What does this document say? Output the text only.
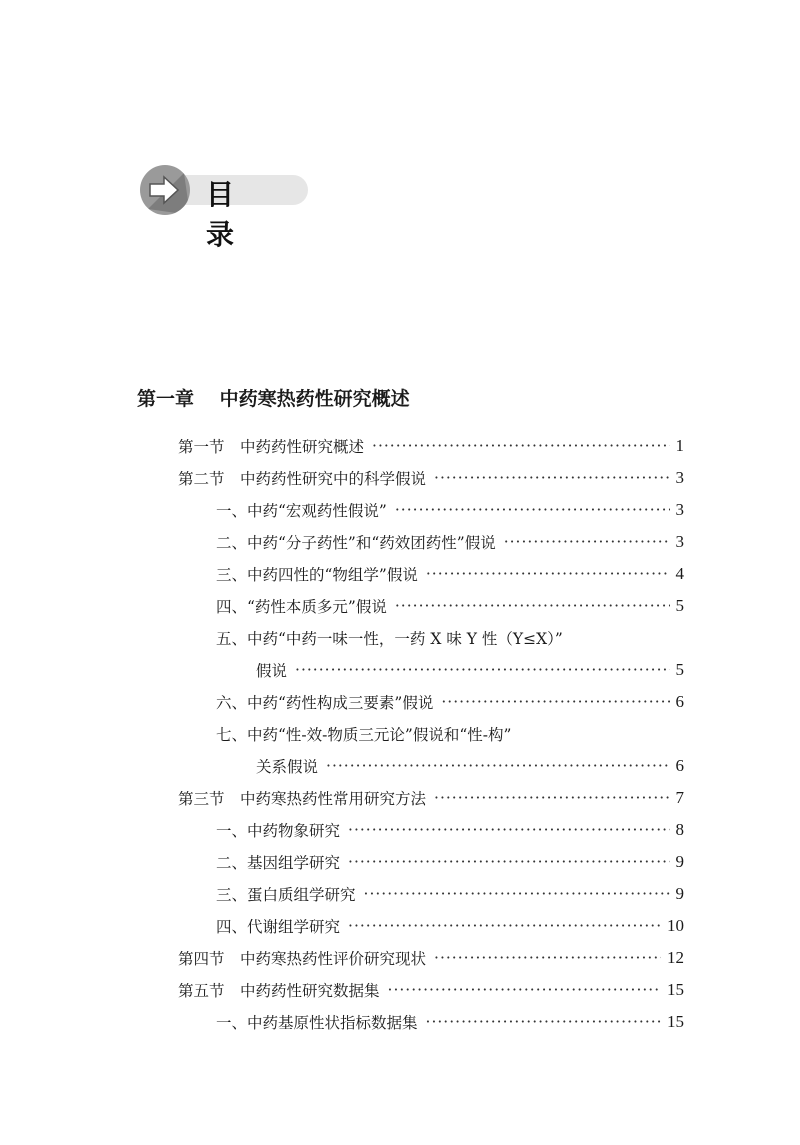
目　录
第一章　 中药寒热药性研究概述
第一节　中药药性研究概述 ·····	1
第二节　中药药性研究中的科学假说 ·····	3
一、中药“宏观药性假说” ·····	3
二、中药“分子药性”和“药效团药性”假说 ·····	3
三、中药四性的“物组学”假说 ·····	4
四、“药性本质多元”假说 ·····	5
五、中药“中药一味一性，一药 X 味 Y 性（Y≤X）”
假说 ·····	5
六、中药“药性构成三要素”假说 ·····	6
七、中药“性-效-物质三元论”假说和“性-构”
关系假说 ·····	6
第三节　中药寒热药性常用研究方法 ·····	7
一、中药物象研究 ·····	8
二、基因组学研究 ·····	9
三、蛋白质组学研究 ·····	9
四、代谢组学研究 ·····	10
第四节　中药寒热药性评价研究现状 ·····	12
第五节　中药药性研究数据集 ·····	15
一、中药基原性状指标数据集 ·····	15
